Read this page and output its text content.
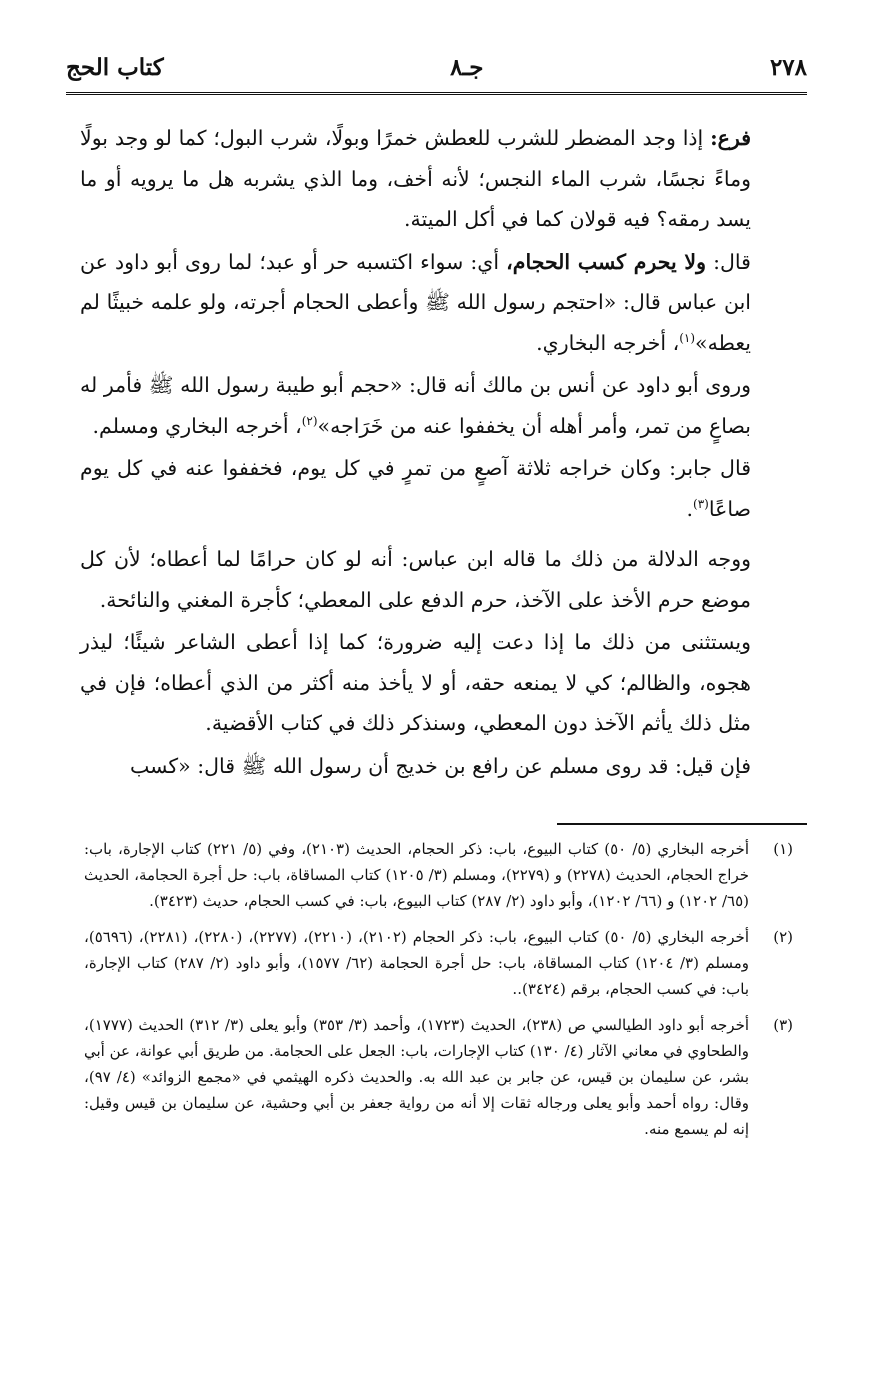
٢٧٨
جـ٨
كتاب الحج

فرع: إذا وجد المضطر للشرب للعطش خمرًا وبولًا، شرب البول؛ كما لو وجد بولًا وماءً نجسًا، شرب الماء النجس؛ لأنه أخف، وما الذي يشربه هل ما يرويه أو ما يسد رمقه؟ فيه قولان كما في أكل الميتة.

قال: ولا يحرم كسب الحجام، أي: سواء اكتسبه حر أو عبد؛ لما روى أبو داود عن ابن عباس قال: «احتجم رسول الله ﷺ وأعطى الحجام أجرته، ولو علمه خبيثًا لم يعطه»$^{(١)}$، أخرجه البخاري.

وروى أبو داود عن أنس بن مالك أنه قال: «حجم أبو طيبة رسول الله ﷺ فأمر له بصاعٍ من تمر، وأمر أهله أن يخففوا عنه من خَرَاجه»$^{(٢)}$، أخرجه البخاري ومسلم.

قال جابر: وكان خراجه ثلاثة آصعٍ من تمرٍ في كل يوم، فخففوا عنه في كل يوم صاعًا$^{(٣)}$.

ووجه الدلالة من ذلك ما قاله ابن عباس: أنه لو كان حرامًا لما أعطاه؛ لأن كل موضع حرم الأخذ على الآخذ، حرم الدفع على المعطي؛ كأجرة المغني والنائحة.

ويستثنى من ذلك ما إذا دعت إليه ضرورة؛ كما إذا أعطى الشاعر شيئًا؛ ليذر هجوه، والظالم؛ كي لا يمنعه حقه، أو لا يأخذ منه أكثر من الذي أعطاه؛ فإن في مثل ذلك يأثم الآخذ دون المعطي، وسنذكر ذلك في كتاب الأقضية.

فإن قيل: قد روى مسلم عن رافع بن خديج أن رسول الله ﷺ قال: «كسب

(١)
أخرجه البخاري (٥/ ٥٠) كتاب البيوع، باب: ذكر الحجام، الحديث (٢١٠٣)، وفي (٥/ ٢٢١) كتاب الإجارة، باب: خراج الحجام، الحديث (٢٢٧٨) و (٢٢٧٩)، ومسلم (٣/ ١٢٠٥) كتاب المساقاة، باب: حل أجرة الحجامة، الحديث (٦٥/ ١٢٠٢) و (٦٦/ ١٢٠٢)، وأبو داود (٢/ ٢٨٧) كتاب البيوع، باب: في كسب الحجام، حديث (٣٤٢٣).
(٢)
أخرجه البخاري (٥/ ٥٠) كتاب البيوع، باب: ذكر الحجام (٢١٠٢)، (٢٢١٠)، (٢٢٧٧)، (٢٢٨٠)، (٢٢٨١)، (٥٦٩٦)، ومسلم (٣/ ١٢٠٤) كتاب المساقاة، باب: حل أجرة الحجامة (٦٢/ ١٥٧٧)، وأبو داود (٢/ ٢٨٧) كتاب الإجارة، باب: في كسب الحجام، برقم (٣٤٢٤)..
(٣)
أخرجه أبو داود الطيالسي ص (٢٣٨)، الحديث (١٧٢٣)، وأحمد (٣/ ٣٥٣) وأبو يعلى (٣/ ٣١٢) الحديث (١٧٧٧)، والطحاوي في معاني الآثار (٤/ ١٣٠) كتاب الإجارات، باب: الجعل على الحجامة. من طريق أبي عوانة، عن أبي بشر، عن سليمان بن قيس، عن جابر بن عبد الله به. والحديث ذكره الهيثمي في «مجمع الزوائد» (٤/ ٩٧)، وقال: رواه أحمد وأبو يعلى ورجاله ثقات إلا أنه من رواية جعفر بن أبي وحشية، عن سليمان بن قيس وقيل: إنه لم يسمع منه.
